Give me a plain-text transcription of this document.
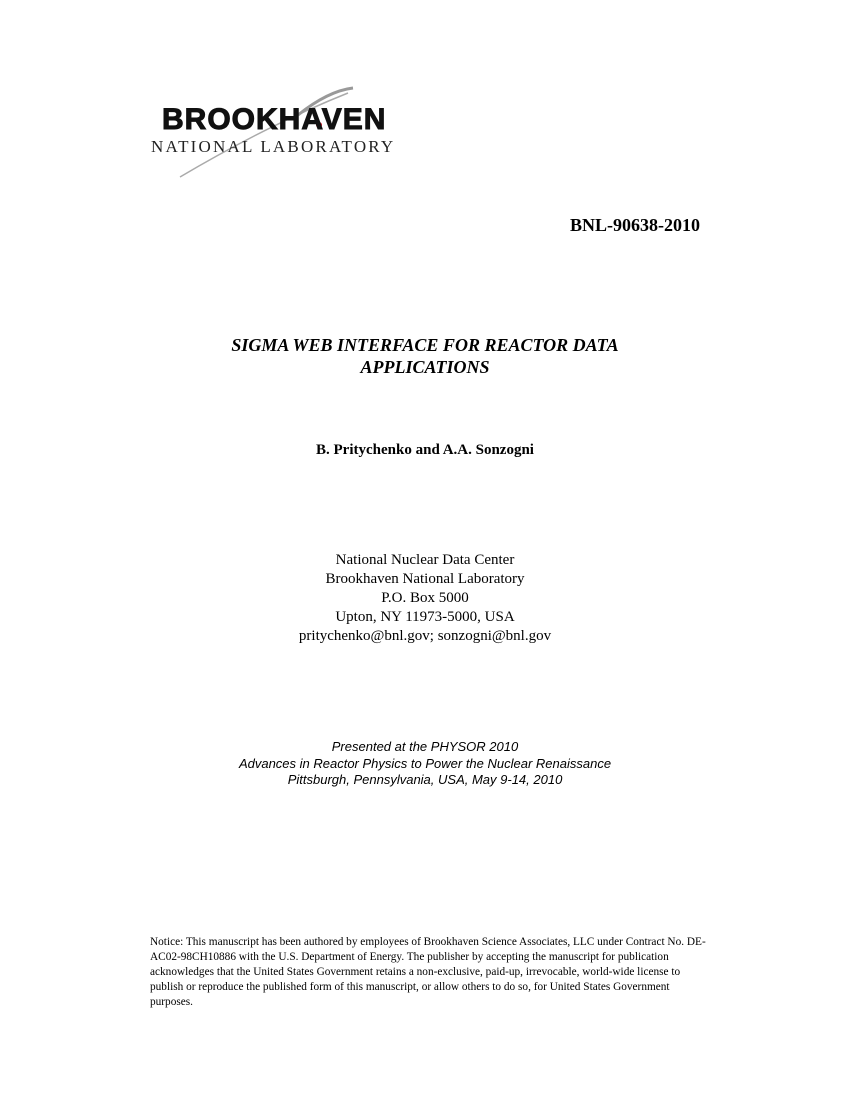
BROOKHAVEN
NATIONAL LABORATORY
BNL-90638-2010
SIGMA WEB INTERFACE FOR REACTOR DATA
APPLICATIONS
B. Pritychenko and A.A. Sonzogni
National Nuclear Data Center
Brookhaven National Laboratory
P.O. Box 5000
Upton, NY 11973-5000, USA
pritychenko@bnl.gov; sonzogni@bnl.gov
Presented at the PHYSOR 2010
Advances in Reactor Physics to Power the Nuclear Renaissance
Pittsburgh, Pennsylvania, USA, May 9-14, 2010
Notice: This manuscript has been authored by employees of Brookhaven Science Associates, LLC under Contract No. DE-AC02-98CH10886 with the U.S. Department of Energy. The publisher by accepting the manuscript for publication acknowledges that the United States Government retains a non-exclusive, paid-up, irrevocable, world-wide license to publish or reproduce the published form of this manuscript, or allow others to do so, for United States Government purposes.
